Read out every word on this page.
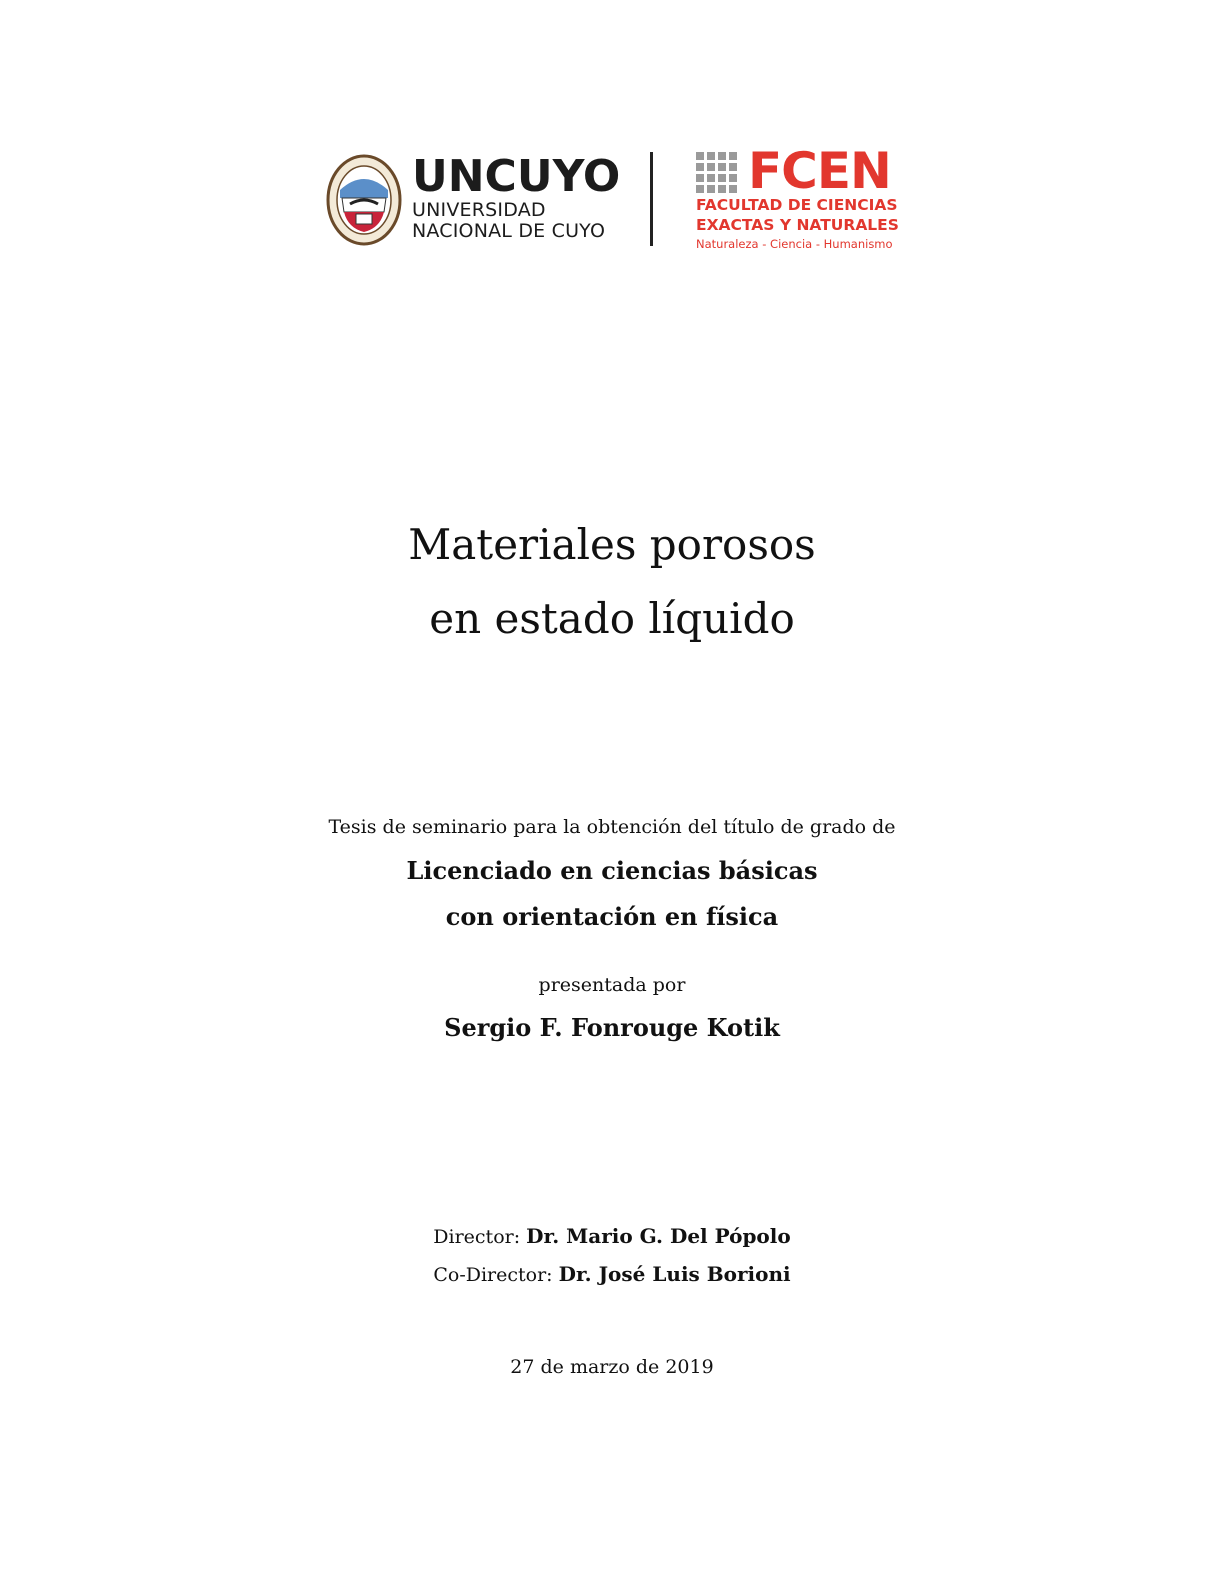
UNCUYO
UNIVERSIDAD
NACIONAL DE CUYO
FCEN
FACULTAD DE CIENCIAS
EXACTAS Y NATURALES
Naturaleza - Ciencia - Humanismo
Materiales porosos
en estado líquido
Tesis de seminario para la obtención del título de grado de
Licenciado en ciencias básicas
con orientación en física
presentada por
Sergio F. Fonrouge Kotik
Director: Dr. Mario G. Del Pópolo
Co-Director: Dr. José Luis Borioni
27 de marzo de 2019
